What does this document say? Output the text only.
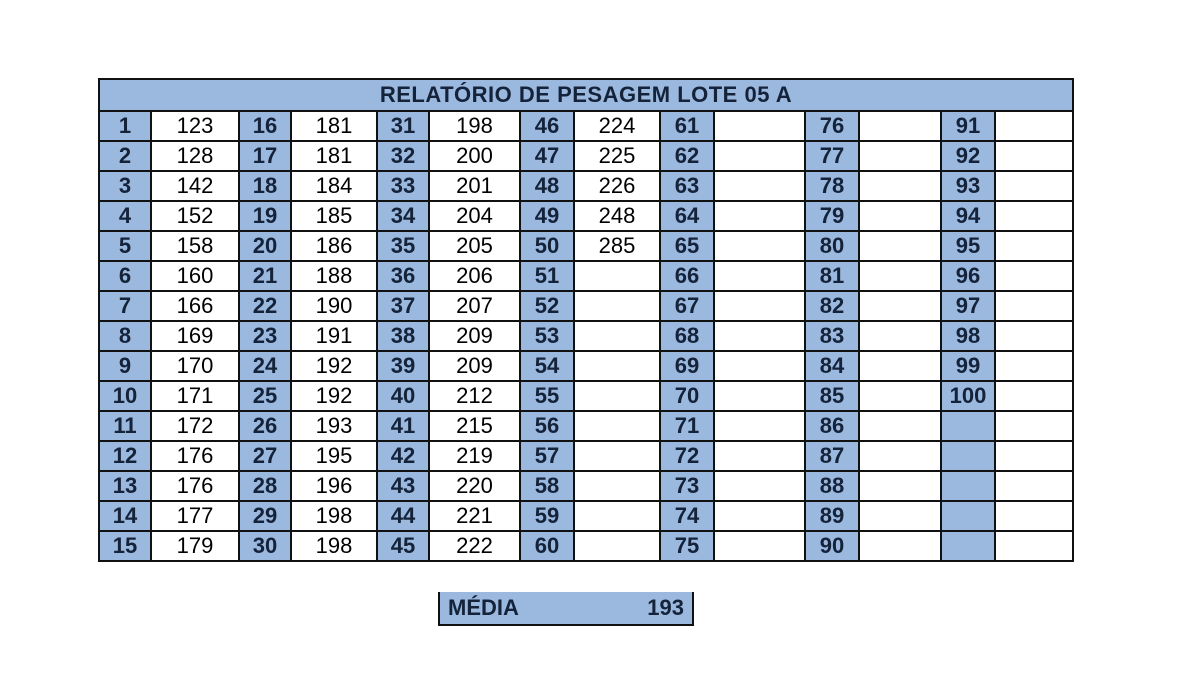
RELATÓRIO DE PESAGEM LOTE 05 A													
1	123	16	181	31	198	46	224	61		76		91	
2	128	17	181	32	200	47	225	62		77		92	
3	142	18	184	33	201	48	226	63		78		93	
4	152	19	185	34	204	49	248	64		79		94	
5	158	20	186	35	205	50	285	65		80		95	
6	160	21	188	36	206	51		66		81		96	
7	166	22	190	37	207	52		67		82		97	
8	169	23	191	38	209	53		68		83		98	
9	170	24	192	39	209	54		69		84		99	
10	171	25	192	40	212	55		70		85		100	
11	172	26	193	41	215	56		71		86			
12	176	27	195	42	219	57		72		87			
13	176	28	196	43	220	58		73		88			
14	177	29	198	44	221	59		74		89			
15	179	30	198	45	222	60		75		90			
MÉDIA	193
